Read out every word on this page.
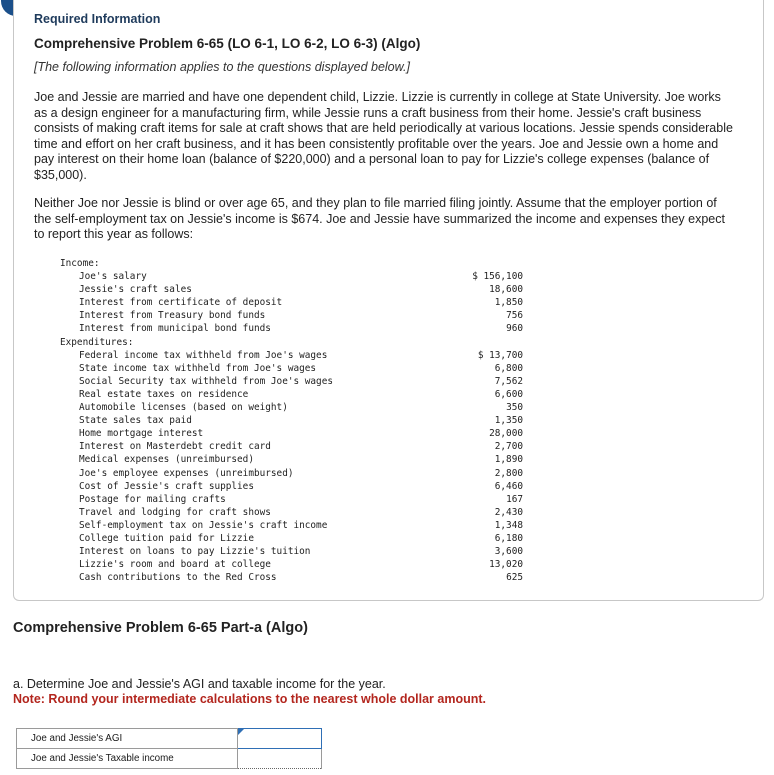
Required Information
Comprehensive Problem 6-65 (LO 6-1, LO 6-2, LO 6-3) (Algo)
[The following information applies to the questions displayed below.]

Joe and Jessie are married and have one dependent child, Lizzie. Lizzie is currently in college at State University. Joe works as a design engineer for a manufacturing firm, while Jessie runs a craft business from their home. Jessie's craft business consists of making craft items for sale at craft shows that are held periodically at various locations. Jessie spends considerable time and effort on her craft business, and it has been consistently profitable over the years. Joe and Jessie own a home and pay interest on their home loan (balance of $220,000) and a personal loan to pay for Lizzie's college expenses (balance of $35,000).

Neither Joe nor Jessie is blind or over age 65, and they plan to file married filing jointly. Assume that the employer portion of the self-employment tax on Jessie's income is $674. Joe and Jessie have summarized the income and expenses they expect to report this year as follows:

Income:
Joe's salary	$ 156,100
Jessie's craft sales	18,600
Interest from certificate of deposit	1,850
Interest from Treasury bond funds	756
Interest from municipal bond funds	960
Expenditures:
Federal income tax withheld from Joe's wages	$ 13,700
State income tax withheld from Joe's wages	6,800
Social Security tax withheld from Joe's wages	7,562
Real estate taxes on residence	6,600
Automobile licenses (based on weight)	350
State sales tax paid	1,350
Home mortgage interest	28,000
Interest on Masterdebt credit card	2,700
Medical expenses (unreimbursed)	1,890
Joe's employee expenses (unreimbursed)	2,800
Cost of Jessie's craft supplies	6,460
Postage for mailing crafts	167
Travel and lodging for craft shows	2,430
Self-employment tax on Jessie's craft income	1,348
College tuition paid for Lizzie	6,180
Interest on loans to pay Lizzie's tuition	3,600
Lizzie's room and board at college	13,020
Cash contributions to the Red Cross	625
Comprehensive Problem 6-65 Part-a (Algo)
a. Determine Joe and Jessie's AGI and taxable income for the year.
Note: Round your intermediate calculations to the nearest whole dollar amount.
Joe and Jessie's AGI	

Joe and Jessie's Taxable income	
